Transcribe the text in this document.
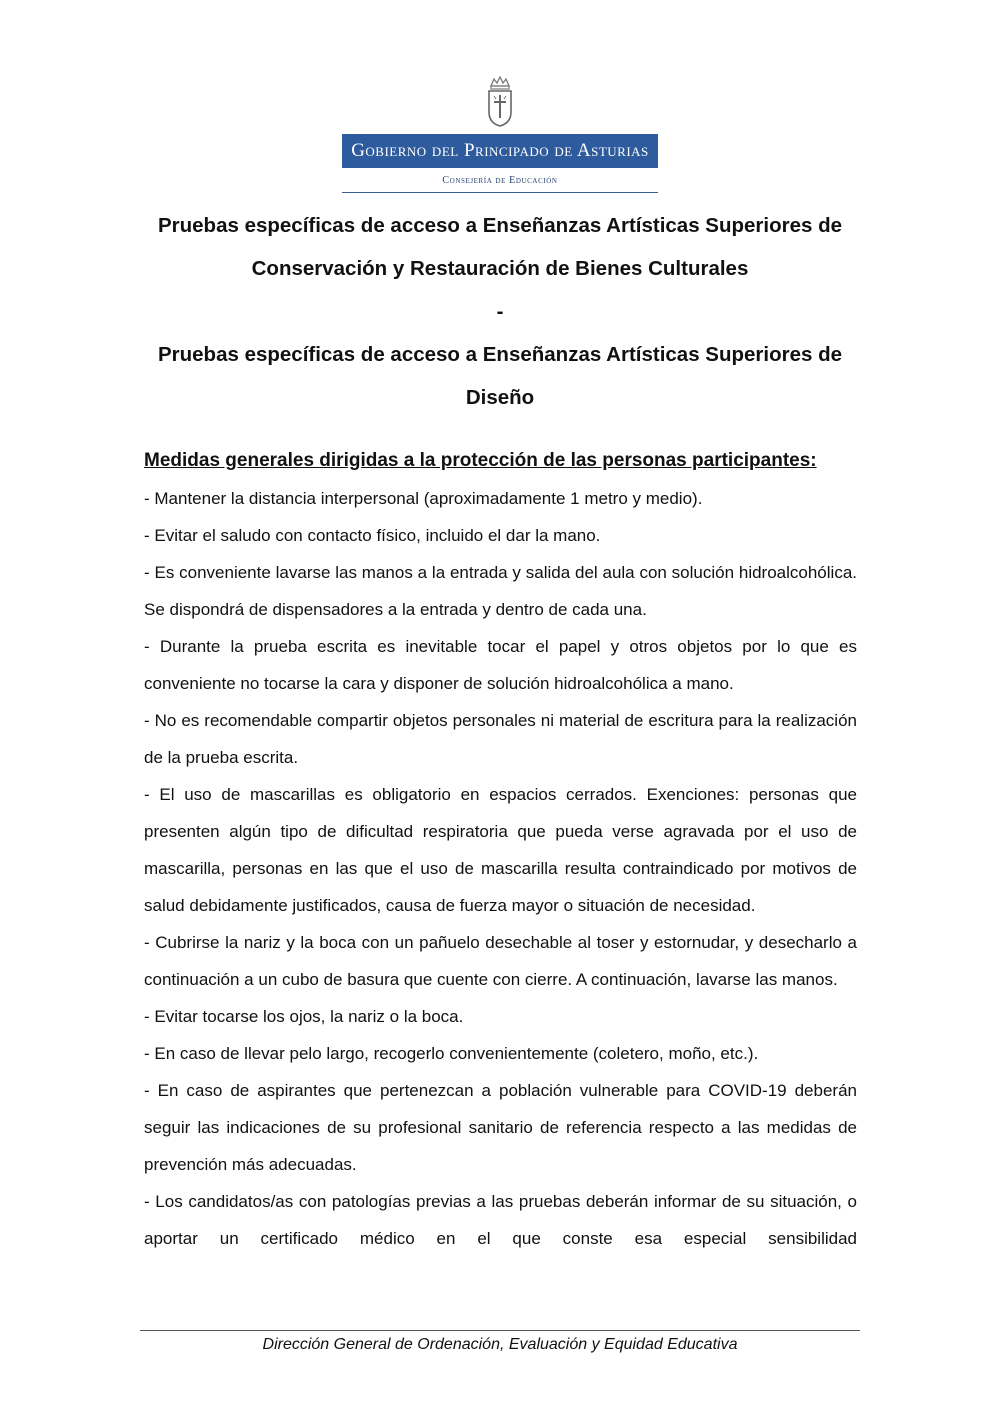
Gobierno del Principado de Asturias
Consejería de Educación
Pruebas específicas de acceso a Enseñanzas Artísticas Superiores de
Conservación y Restauración de Bienes Culturales
-
Pruebas específicas de acceso a Enseñanzas Artísticas Superiores de
Diseño
Medidas generales dirigidas a la protección de las personas participantes:

- Mantener la distancia interpersonal (aproximadamente 1 metro y medio).

- Evitar el saludo con contacto físico, incluido el dar la mano.

- Es conveniente lavarse las manos a la entrada y salida del aula con solución hidroalcohólica. Se dispondrá de dispensadores a la entrada y dentro de cada una.

- Durante la prueba escrita es inevitable tocar el papel y otros objetos por lo que es conveniente no tocarse la cara y disponer de solución hidroalcohólica a mano.

- No es recomendable compartir objetos personales ni material de escritura para la realización de la prueba escrita.

- El uso de mascarillas es obligatorio en espacios cerrados. Exenciones: personas que presenten algún tipo de dificultad respiratoria que pueda verse agravada por el uso de mascarilla, personas en las que el uso de mascarilla resulta contraindicado por motivos de salud debidamente justificados, causa de fuerza mayor o situación de necesidad.

- Cubrirse la nariz y la boca con un pañuelo desechable al toser y estornudar, y desecharlo a continuación a un cubo de basura que cuente con cierre. A continuación, lavarse las manos.

- Evitar tocarse los ojos, la nariz o la boca.

- En caso de llevar pelo largo, recogerlo convenientemente (coletero, moño, etc.).

- En caso de aspirantes que pertenezcan a población vulnerable para COVID-19 deberán seguir las indicaciones de su profesional sanitario de referencia respecto a las medidas de prevención más adecuadas.

- Los candidatos/as con patologías previas a las pruebas deberán informar de su situación, o aportar un certificado médico en el que conste esa especial sensibilidad

Dirección General de Ordenación, Evaluación y Equidad Educativa
